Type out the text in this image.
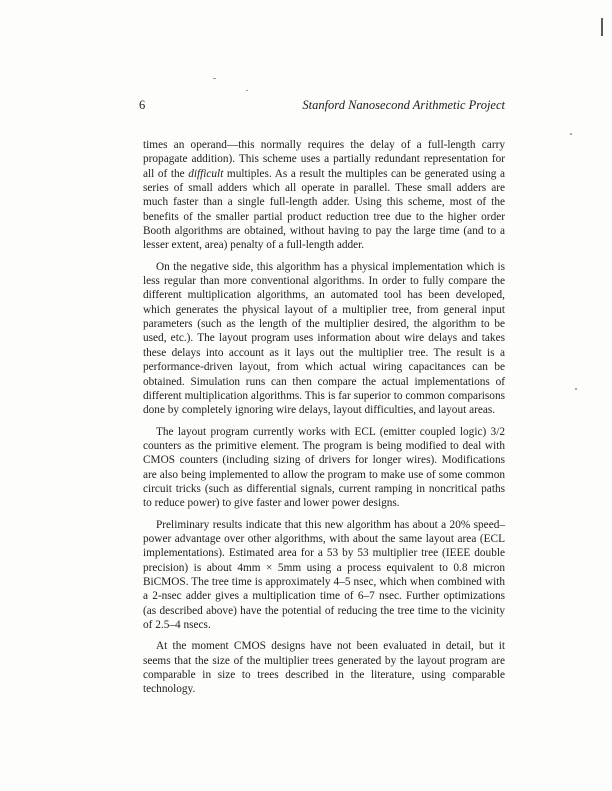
6	Stanford Nanosecond Arithmetic Project

times an operand—this normally requires the delay of a full-length carry propagate addition). This scheme uses a partially redundant representation for all of the difficult multiples. As a result the multiples can be generated using a series of small adders which all operate in parallel. These small adders are much faster than a single full-length adder. Using this scheme, most of the benefits of the smaller partial product reduction tree due to the higher order Booth algorithms are obtained, without having to pay the large time (and to a lesser extent, area) penalty of a full-length adder.

On the negative side, this algorithm has a physical implementation which is less regular than more conventional algorithms. In order to fully compare the different multiplication algorithms, an automated tool has been developed, which generates the physical layout of a multiplier tree, from general input parameters (such as the length of the multiplier desired, the algorithm to be used, etc.). The layout program uses information about wire delays and takes these delays into account as it lays out the multiplier tree. The result is a performance-driven layout, from which actual wiring capacitances can be obtained. Simulation runs can then compare the actual implementations of different multiplication algorithms. This is far superior to common comparisons done by completely ignoring wire delays, layout difficulties, and layout areas.

The layout program currently works with ECL (emitter coupled logic) 3/2 counters as the primitive element. The program is being modified to deal with CMOS counters (including sizing of drivers for longer wires). Modifications are also being implemented to allow the program to make use of some common circuit tricks (such as differential signals, current ramping in noncritical paths to reduce power) to give faster and lower power designs.

Preliminary results indicate that this new algorithm has about a 20% speed–power advantage over other algorithms, with about the same layout area (ECL implementations). Estimated area for a 53 by 53 multiplier tree (IEEE double precision) is about 4mm × 5mm using a process equivalent to 0.8 micron BiCMOS. The tree time is approximately 4–5 nsec, which when combined with a 2-nsec adder gives a multiplication time of 6–7 nsec. Further optimizations (as described above) have the potential of reducing the tree time to the vicinity of 2.5–4 nsecs.

At the moment CMOS designs have not been evaluated in detail, but it seems that the size of the multiplier trees generated by the layout program are comparable in size to trees described in the literature, using comparable technology.
